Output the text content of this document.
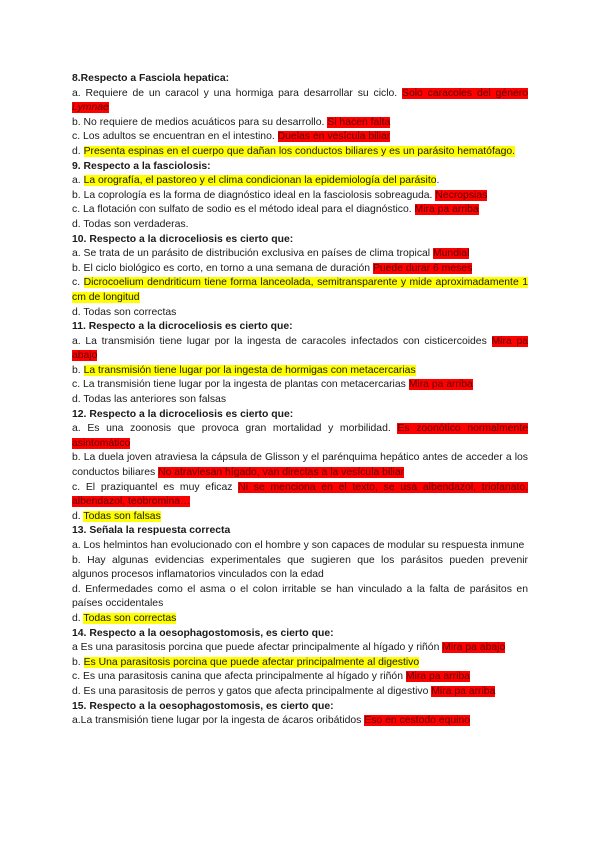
8.Respecto a Fasciola hepatica:

a. Requiere de un caracol y una hormiga para desarrollar su ciclo. Solo caracoles del género Lymnae

b. No requiere de medios acuáticos para su desarrollo. Si hacen falta

c. Los adultos se encuentran en el intestino. Duelas en vesícula biliar

d. Presenta espinas en el cuerpo que dañan los conductos biliares y es un parásito hematófago.

9. Respecto a la fasciolosis:

a. La orografía, el pastoreo y el clima condicionan la epidemiología del parásito.

b. La coprología es la forma de diagnóstico ideal en la fasciolosis sobreaguda. Necropsias

c. La flotación con sulfato de sodio es el método ideal para el diagnóstico. Mira pa arriba

d. Todas son verdaderas.

10. Respecto a la dicroceliosis es cierto que:

a. Se trata de un parásito de distribución exclusiva en países de clima tropical Mundial

b. El ciclo biológico es corto, en torno a una semana de duración Puede durar 6 meses

c. Dicrocoelium dendriticum tiene forma lanceolada, semitransparente y mide aproximadamente 1 cm de longitud

d. Todas son correctas

11. Respecto a la dicroceliosis es cierto que:

a. La transmisión tiene lugar por la ingesta de caracoles infectados con cisticercoides Mira pa abajo

b. La transmisión tiene lugar por la ingesta de hormigas con metacercarias

c. La transmisión tiene lugar por la ingesta de plantas con metacercarias Mira pa arriba

d. Todas las anteriores son falsas

12. Respecto a la dicroceliosis es cierto que:

a. Es una zoonosis que provoca gran mortalidad y morbilidad. Es zoonótico normalmente asintomático

b. La duela joven atraviesa la cápsula de Glisson y el parénquima hepático antes de acceder a los conductos biliares No atraviesan hígado, van directas a la vesícula biliar

c. El praziquantel es muy eficaz Ni se menciona en el texto, se usa albendazol, triofanato, albendazol, teobromina…

d. Todas son falsas

13. Señala la respuesta correcta

a. Los helmintos han evolucionado con el hombre y son capaces de modular su respuesta inmune

b. Hay algunas evidencias experimentales que sugieren que los parásitos pueden prevenir algunos procesos inflamatorios vinculados con la edad

d. Enfermedades como el asma o el colon irritable se han vinculado a la falta de parásitos en países occidentales

d. Todas son correctas

14. Respecto a la oesophagostomosis, es cierto que:

a Es una parasitosis porcina que puede afectar principalmente al hígado y riñón Mira pa abajo

b. Es Una parasitosis porcina que puede afectar principalmente al digestivo

c. Es una parasitosis canina que afecta principalmente al hígado y riñón Mira pa arriba

d. Es una parasitosis de perros y gatos que afecta principalmente al digestivo Mira pa arriba

15. Respecto a la oesophagostomosis, es cierto que:

a.La transmisión tiene lugar por la ingesta de ácaros oribátidos Eso en cestodo equino
